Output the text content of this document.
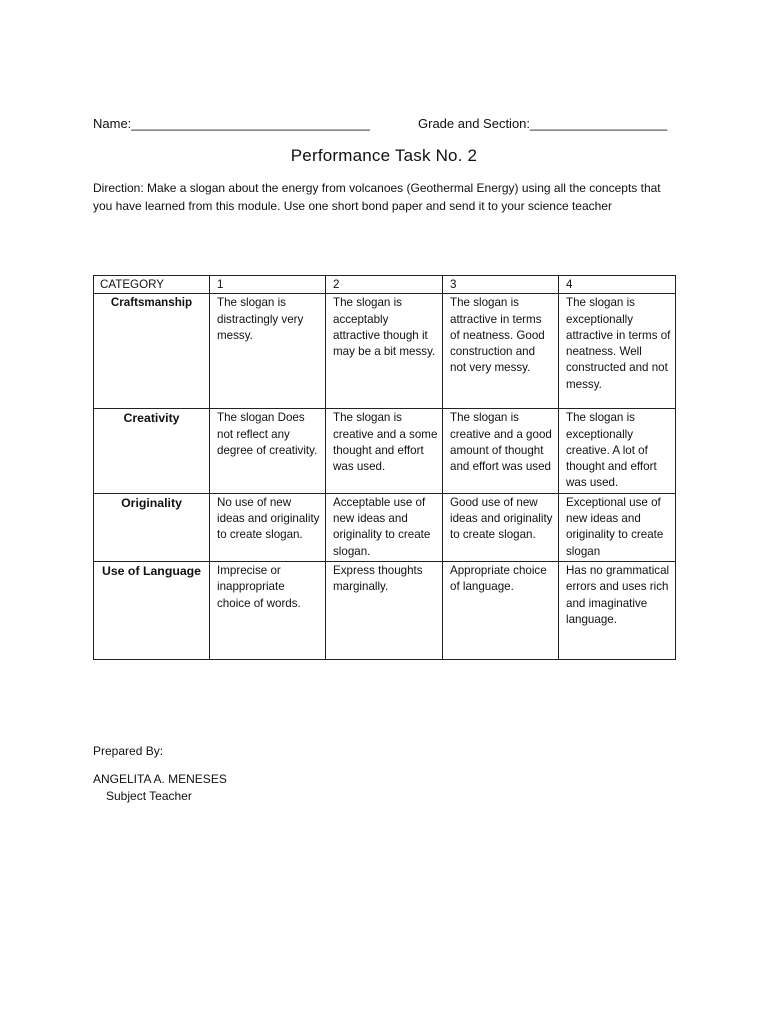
Name:_________________________________	Grade and Section:___________________
Performance Task No. 2
Direction: Make a slogan about the energy from volcanoes (Geothermal Energy) using all the concepts that you have learned from this module. Use one short bond paper and send it to your science teacher
CATEGORY	1	2	3	4
Craftsmanship	The slogan is distractingly very messy.	The slogan is acceptably attractive though it may be a bit messy.	The slogan is attractive in terms of neatness. Good construction and not very messy.	The slogan is exceptionally attractive in terms of neatness. Well constructed and not messy.
Creativity	The slogan Does not reflect any degree of creativity.	The slogan is creative and a some thought and effort was used.	The slogan is creative and a good amount of thought and effort was used	The slogan is exceptionally creative. A lot of thought and effort was used.
Originality	No use of new ideas and originality to create slogan.	Acceptable use of new ideas and originality to create slogan.	Good use of new ideas and originality to create slogan.	Exceptional use of new ideas and originality to create slogan
Use of Language	Imprecise or inappropriate choice of words.	Express thoughts marginally.	Appropriate choice of language.	Has no grammatical errors and uses rich and imaginative language.
Prepared By:
ANGELITA A. MENESES
Subject Teacher
